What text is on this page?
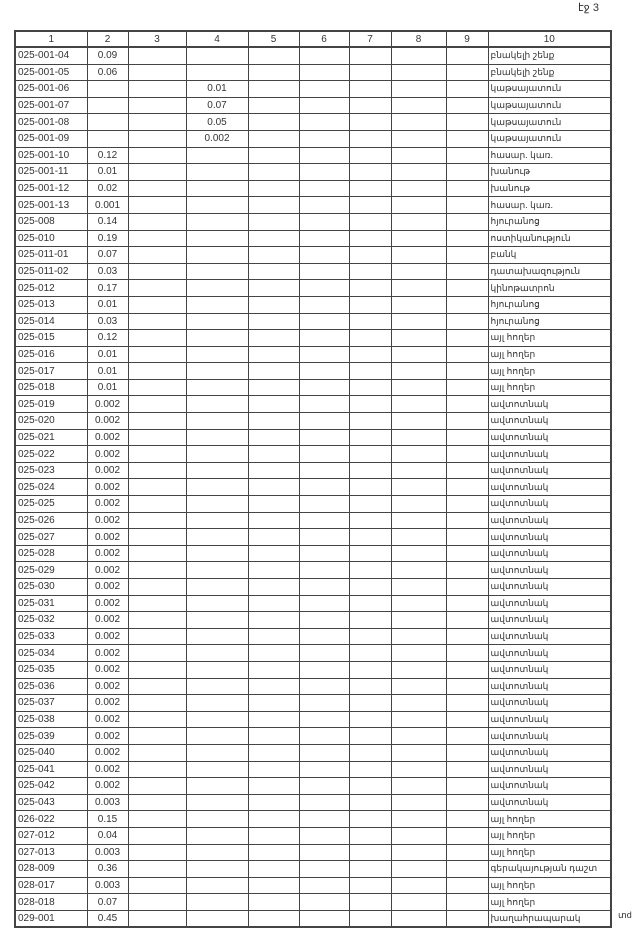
էջ 3
տd
1	2	3	4	5	6	7	8	9	10
025-001-04	0.09								բնակելի շենք
025-001-05	0.06								բնակելի շենք
025-001-06			0.01						կաթսայատուն
025-001-07			0.07						կաթսայատուն
025-001-08			0.05						կաթսայատուն
025-001-09			0.002						կաթսայատուն
025-001-10	0.12								հասար. կառ.
025-001-11	0.01								խանութ
025-001-12	0.02								խանութ
025-001-13	0.001								հասար. կառ.
025-008	0.14								հյուրանոց
025-010	0.19								ոստիկանություն
025-011-01	0.07								բանկ
025-011-02	0.03								դատախազություն
025-012	0.17								կինոթատրոն
025-013	0.01								հյուրանոց
025-014	0.03								հյուրանոց
025-015	0.12								այլ հողեր
025-016	0.01								այլ հողեր
025-017	0.01								այլ հողեր
025-018	0.01								այլ հողեր
025-019	0.002								ավտոտնակ
025-020	0.002								ավտոտնակ
025-021	0.002								ավտոտնակ
025-022	0.002								ավտոտնակ
025-023	0.002								ավտոտնակ
025-024	0.002								ավտոտնակ
025-025	0.002								ավտոտնակ
025-026	0.002								ավտոտնակ
025-027	0.002								ավտոտնակ
025-028	0.002								ավտոտնակ
025-029	0.002								ավտոտնակ
025-030	0.002								ավտոտնակ
025-031	0.002								ավտոտնակ
025-032	0.002								ավտոտնակ
025-033	0.002								ավտոտնակ
025-034	0.002								ավտոտնակ
025-035	0.002								ավտոտնակ
025-036	0.002								ավտոտնակ
025-037	0.002								ավտոտնակ
025-038	0.002								ավտոտնակ
025-039	0.002								ավտոտնակ
025-040	0.002								ավտոտնակ
025-041	0.002								ավտոտնակ
025-042	0.002								ավտոտնակ
025-043	0.003								ավտոտնակ
026-022	0.15								այլ հողեր
027-012	0.04								այլ հողեր
027-013	0.003								այլ հողեր
028-009	0.36								գերակայության դաշտ
028-017	0.003								այլ հողեր
028-018	0.07								այլ հողեր
029-001	0.45								խաղահրապարակ
